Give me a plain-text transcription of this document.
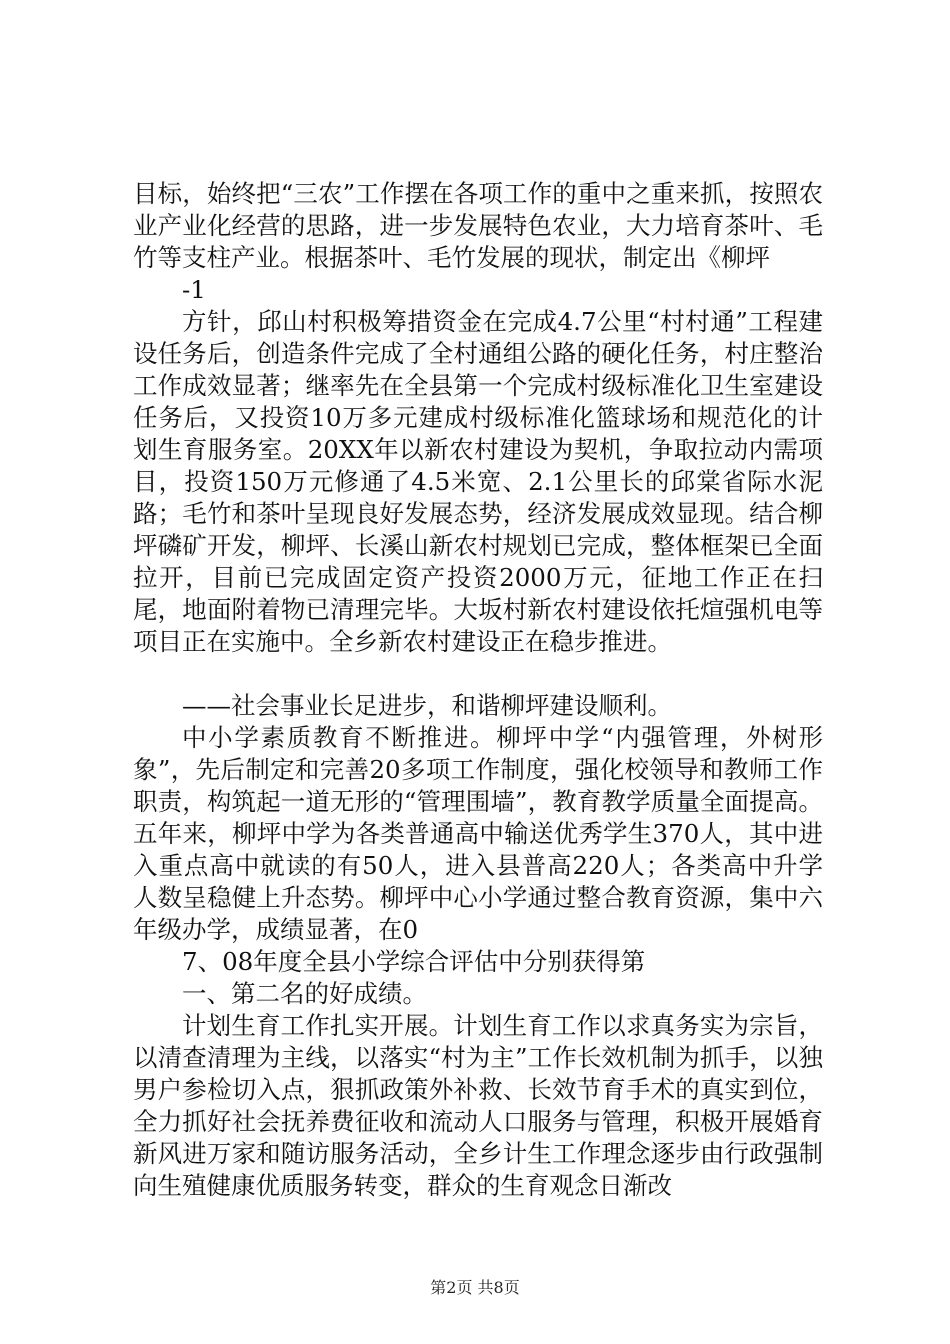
目标，始终把“三农”工作摆在各项工作的重中之重来抓，按照农业产业化经营的思路，进一步发展特色农业，大力培育茶叶、毛竹等支柱产业。根据茶叶、毛竹发展的现状，制定出《柳坪

-1

方针，邱山村积极筹措资金在完成4.7公里“村村通”工程建设任务后，创造条件完成了全村通组公路的硬化任务，村庄整治工作成效显著；继率先在全县第一个完成村级标准化卫生室建设任务后，又投资10万多元建成村级标准化篮球场和规范化的计划生育服务室。20XX年以新农村建设为契机，争取拉动内需项目，投资150万元修通了4.5米宽、2.1公里长的邱棠省际水泥路；毛竹和茶叶呈现良好发展态势，经济发展成效显现。结合柳坪磷矿开发，柳坪、长溪山新农村规划已完成，整体框架已全面拉开，目前已完成固定资产投资2000万元，征地工作正在扫尾，地面附着物已清理完毕。大坂村新农村建设依托煊强机电等项目正在实施中。全乡新农村建设正在稳步推进。

——社会事业长足进步，和谐柳坪建设顺利。

中小学素质教育不断推进。柳坪中学“内强管理，外树形象”，先后制定和完善20多项工作制度，强化校领导和教师工作职责，构筑起一道无形的“管理围墙”，教育教学质量全面提高。五年来，柳坪中学为各类普通高中输送优秀学生370人，其中进入重点高中就读的有50人，进入县普高220人；各类高中升学人数呈稳健上升态势。柳坪中心小学通过整合教育资源，集中六年级办学，成绩显著，在0

7、08年度全县小学综合评估中分别获得第

一、第二名的好成绩。

计划生育工作扎实开展。计划生育工作以求真务实为宗旨，以清查清理为主线，以落实“村为主”工作长效机制为抓手，以独男户参检切入点，狠抓政策外补救、长效节育手术的真实到位，全力抓好社会抚养费征收和流动人口服务与管理，积极开展婚育新风进万家和随访服务活动，全乡计生工作理念逐步由行政强制向生殖健康优质服务转变，群众的生育观念日渐改

第2页 共8页
